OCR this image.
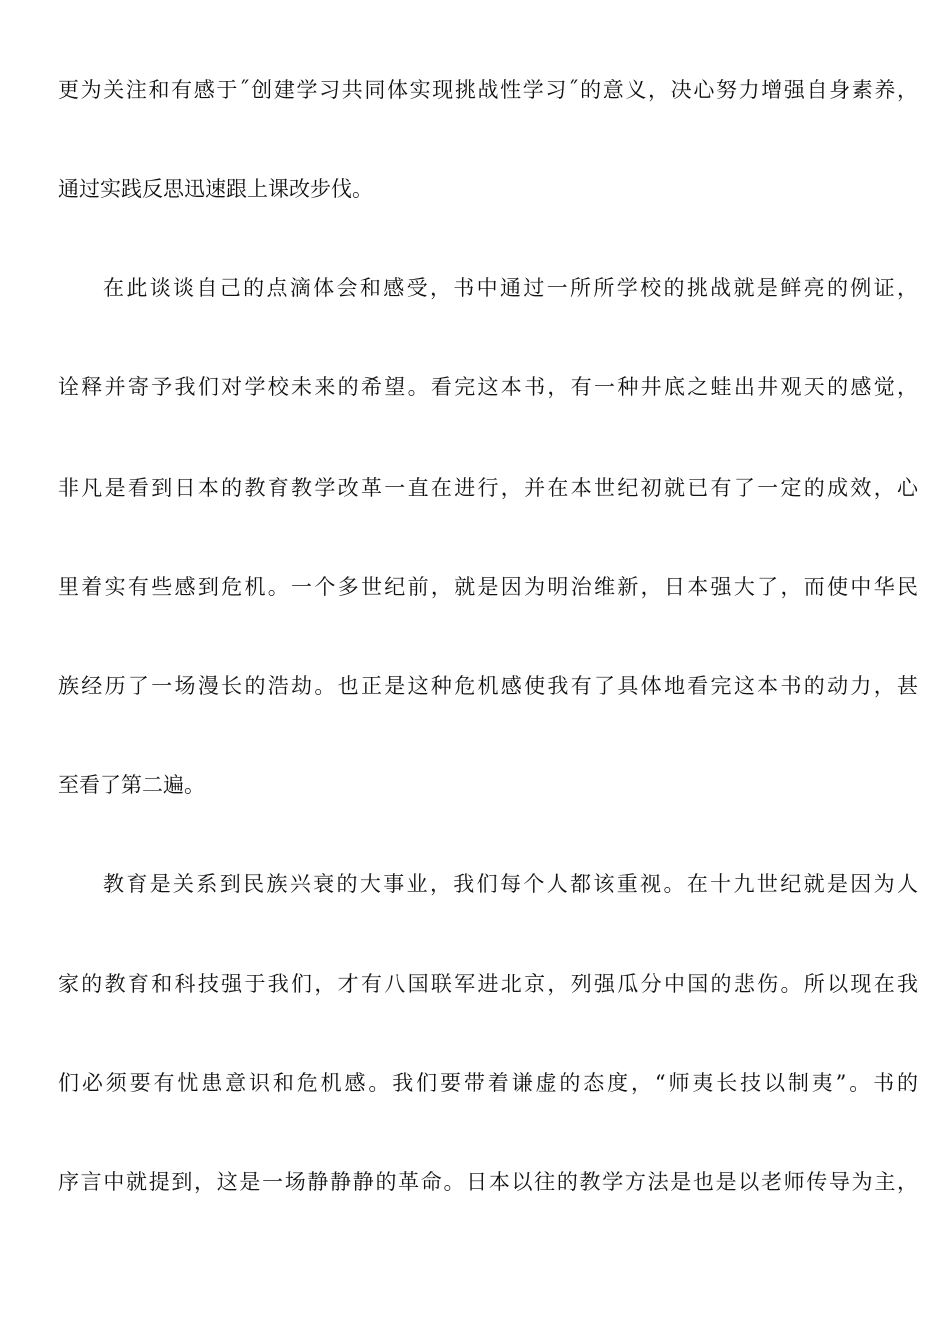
更为关注和有感于˝创建学习共同体实现挑战性学习˝的意义，决心努力增强自身素养，
通过实践反思迅速跟上课改步伐。
在此谈谈自己的点滴体会和感受，书中通过一所所学校的挑战就是鲜亮的例证，
诠释并寄予我们对学校未来的希望。看完这本书，有一种井底之蛙出井观天的感觉，
非凡是看到日本的教育教学改革一直在进行，并在本世纪初就已有了一定的成效，心
里着实有些感到危机。一个多世纪前，就是因为明治维新，日本强大了，而使中华民
族经历了一场漫长的浩劫。也正是这种危机感使我有了具体地看完这本书的动力，甚
至看了第二遍。
教育是关系到民族兴衰的大事业，我们每个人都该重视。在十九世纪就是因为人
家的教育和科技强于我们，才有八国联军进北京，列强瓜分中国的悲伤。所以现在我
们必须要有忧患意识和危机感。我们要带着谦虚的态度，“师夷长技以制夷”。书的
序言中就提到，这是一场静静静的革命。日本以往的教学方法是也是以老师传导为主，
